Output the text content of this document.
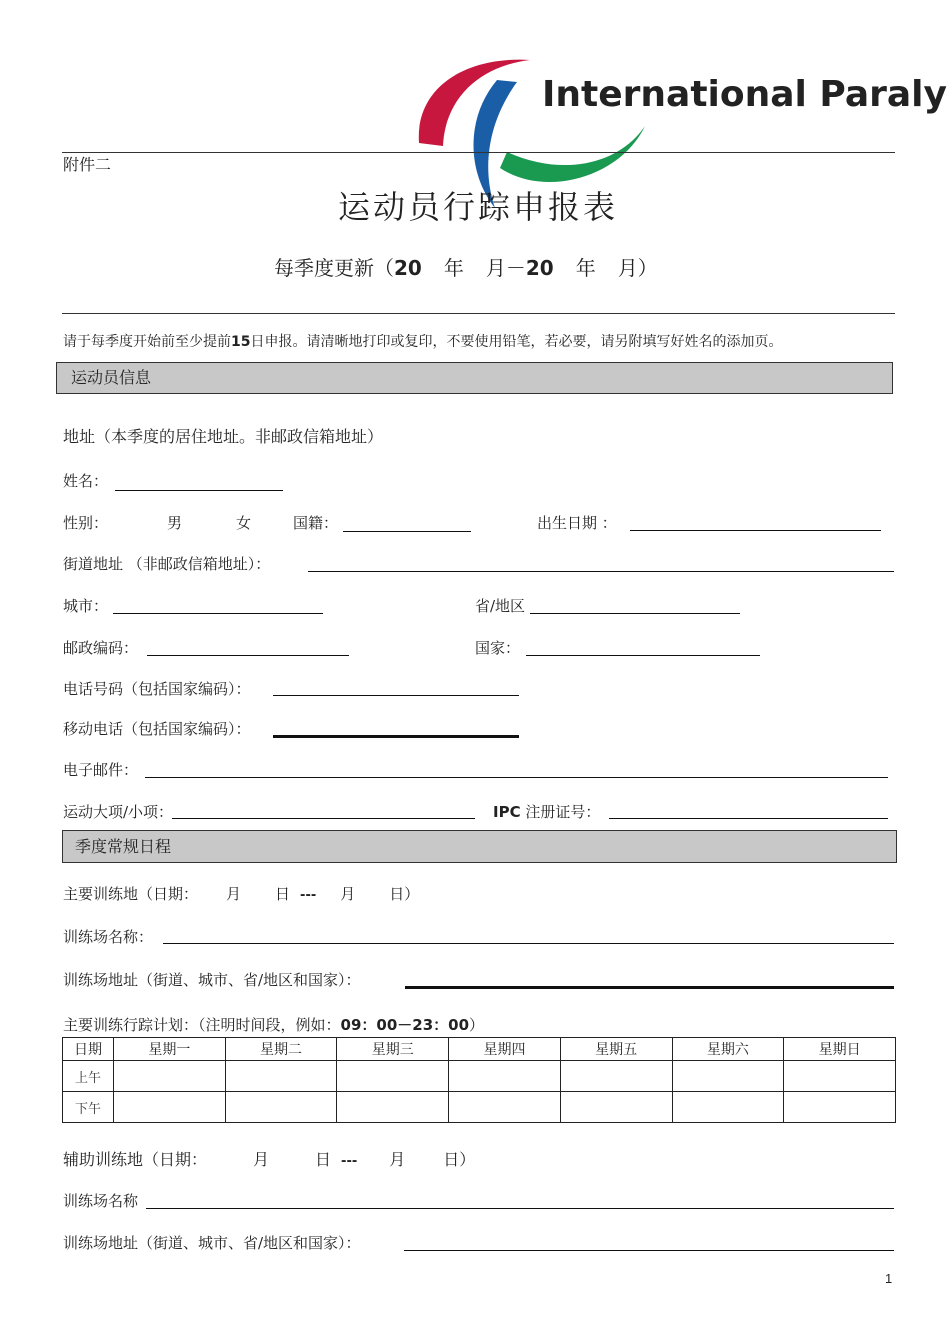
International Paraly
附件二
运动员行踪申报表
每季度更新（20 年 月－20 年 月）
请于每季度开始前至少提前15日申报。请清晰地打印或复印，不要使用铅笔，若必要，请另附填写好姓名的添加页。
运动员信息
地址（本季度的居住地址。非邮政信箱地址）
姓名：
性别：	男	女	国籍：	出生日期 ：
街道地址 （非邮政信箱地址）：
城市：	省/地区
邮政编码：	国家：
电话号码（包括国家编码）：
移动电话（包括国家编码）：
电子邮件：
运动大项/小项：	IPC 注册证号：
季度常规日程
主要训练地（日期： 月 日 --- 月 日）
训练场名称：
训练场地址（街道、城市、省/地区和国家）：
主要训练行踪计划：（注明时间段，例如：09：00－23：00）
日期	星期一	星期二	星期三	星期四	星期五	星期六	星期日
上午							
下午							
辅助训练地（日期：	月	日 --- 月 日）
训练场名称
训练场地址（街道、城市、省/地区和国家）：
1
